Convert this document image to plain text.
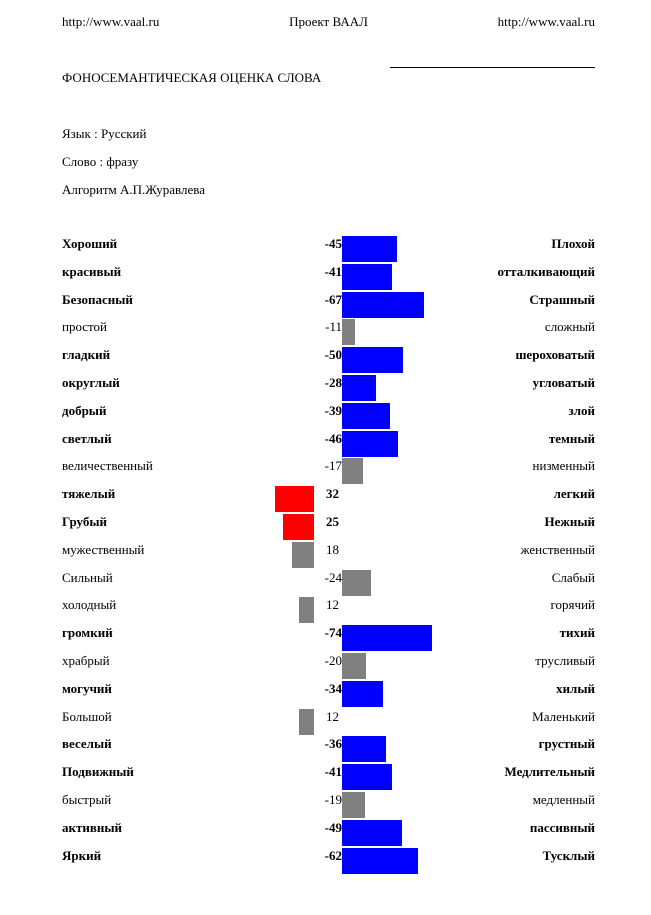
http://www.vaal.ru	Проект ВААЛ	http://www.vaal.ru
ФОНОСЕМАНТИЧЕСКАЯ ОЦЕНКА СЛОВА
Язык : Русский
Слово : фразу
Алгоритм А.П.Журавлева
Хороший	-45	Плохой
красивый	-41	отталкивающий
Безопасный	-67	Страшный
простой	-11	сложный
гладкий	-50	шероховатый
округлый	-28	угловатый
добрый	-39	злой
светлый	-46	темный
величественный	-17	низменный
тяжелый	32	легкий
Грубый	25	Нежный
мужественный	18	женственный
Сильный	-24	Слабый
холодный	12	горячий
громкий	-74	тихий
храбрый	-20	трусливый
могучий	-34	хилый
Большой	12	Маленький
веселый	-36	грустный
Подвижный	-41	Медлительный
быстрый	-19	медленный
активный	-49	пассивный
Яркий	-62	Тусклый
